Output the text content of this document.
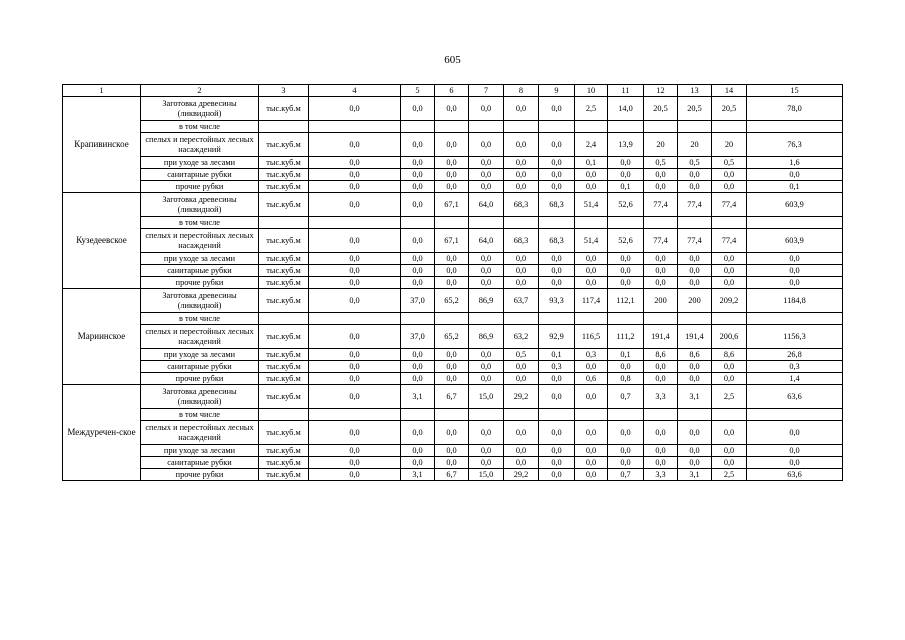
605
1	2	3	4	5	6	7	8	9	10	11	12	13	14	15
Крапивинское	Заготовка древесины (ликвидной)	тыс.куб.м	0,0	0,0	0,0	0,0	0,0	0,0	2,5	14,0	20,5	20,5	20,5	78,0
	в том числе													
	спелых и перестойных лесных насаждений	тыс.куб.м	0,0	0,0	0,0	0,0	0,0	0,0	2,4	13,9	20	20	20	76,3
	при уходе за лесами	тыс.куб.м	0,0	0,0	0,0	0,0	0,0	0,0	0,1	0,0	0,5	0,5	0,5	1,6
	санитарные рубки	тыс.куб.м	0,0	0,0	0,0	0,0	0,0	0,0	0,0	0,0	0,0	0,0	0,0	0,0
	прочие рубки	тыс.куб.м	0,0	0,0	0,0	0,0	0,0	0,0	0,0	0,1	0,0	0,0	0,0	0,1
Кузедеевское	Заготовка древесины (ликвидной)	тыс.куб.м	0,0	0,0	67,1	64,0	68,3	68,3	51,4	52,6	77,4	77,4	77,4	603,9
	в том числе													
	спелых и перестойных лесных насаждений	тыс.куб.м	0,0	0,0	67,1	64,0	68,3	68,3	51,4	52,6	77,4	77,4	77,4	603,9
	при уходе за лесами	тыс.куб.м	0,0	0,0	0,0	0,0	0,0	0,0	0,0	0,0	0,0	0,0	0,0	0,0
	санитарные рубки	тыс.куб.м	0,0	0,0	0,0	0,0	0,0	0,0	0,0	0,0	0,0	0,0	0,0	0,0
	прочие рубки	тыс.куб.м	0,0	0,0	0,0	0,0	0,0	0,0	0,0	0,0	0,0	0,0	0,0	0,0
Мариинское	Заготовка древесины (ликвидной)	тыс.куб.м	0,0	37,0	65,2	86,9	63,7	93,3	117,4	112,1	200	200	209,2	1184,8
	в том числе													
	спелых и перестойных лесных насаждений	тыс.куб.м	0,0	37,0	65,2	86,9	63,2	92,9	116,5	111,2	191,4	191,4	200,6	1156,3
	при уходе за лесами	тыс.куб.м	0,0	0,0	0,0	0,0	0,5	0,1	0,3	0,1	8,6	8,6	8,6	26,8
	санитарные рубки	тыс.куб.м	0,0	0,0	0,0	0,0	0,0	0,3	0,0	0,0	0,0	0,0	0,0	0,3
	прочие рубки	тыс.куб.м	0,0	0,0	0,0	0,0	0,0	0,0	0,6	0,8	0,0	0,0	0,0	1,4
Междуречен-ское	Заготовка древесины (ликвидной)	тыс.куб.м	0,0	3,1	6,7	15,0	29,2	0,0	0,0	0,7	3,3	3,1	2,5	63,6
	в том числе													
	спелых и перестойных лесных насаждений	тыс.куб.м	0,0	0,0	0,0	0,0	0,0	0,0	0,0	0,0	0,0	0,0	0,0	0,0
	при уходе за лесами	тыс.куб.м	0,0	0,0	0,0	0,0	0,0	0,0	0,0	0,0	0,0	0,0	0,0	0,0
	санитарные рубки	тыс.куб.м	0,0	0,0	0,0	0,0	0,0	0,0	0,0	0,0	0,0	0,0	0,0	0,0
	прочие рубки	тыс.куб.м	0,0	3,1	6,7	15,0	29,2	0,0	0,0	0,7	3,3	3,1	2,5	63,6
